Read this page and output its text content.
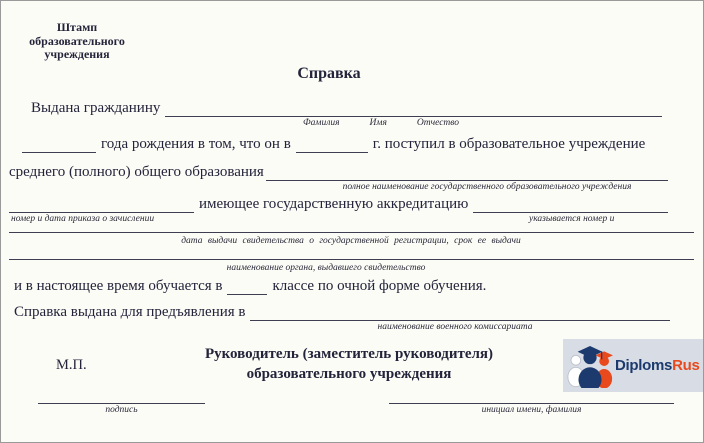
Штамп
образовательного
учреждения
Справка
Выдана гражданину
Фамилия	Имя	Отчество
года рождения в том, что он в	г. поступил в образовательное учреждение
среднего (полного) общего образования
полное наименование государственного образовательного учреждения
имеющее государственную аккредитацию
номер и дата приказа о зачислении	указывается номер и
дата выдачи свидетельства о государственной регистрации, срок ее выдачи
наименование органа, выдавшего свидетельство
и в настоящее время обучается в	классе по очной форме обучения.
Справка выдана для предъявления в
наименование военного комиссариата
М.П.
Руководитель (заместитель руководителя)
образовательного учреждения
подпись	инициал имени, фамилия
DiplomsRus
